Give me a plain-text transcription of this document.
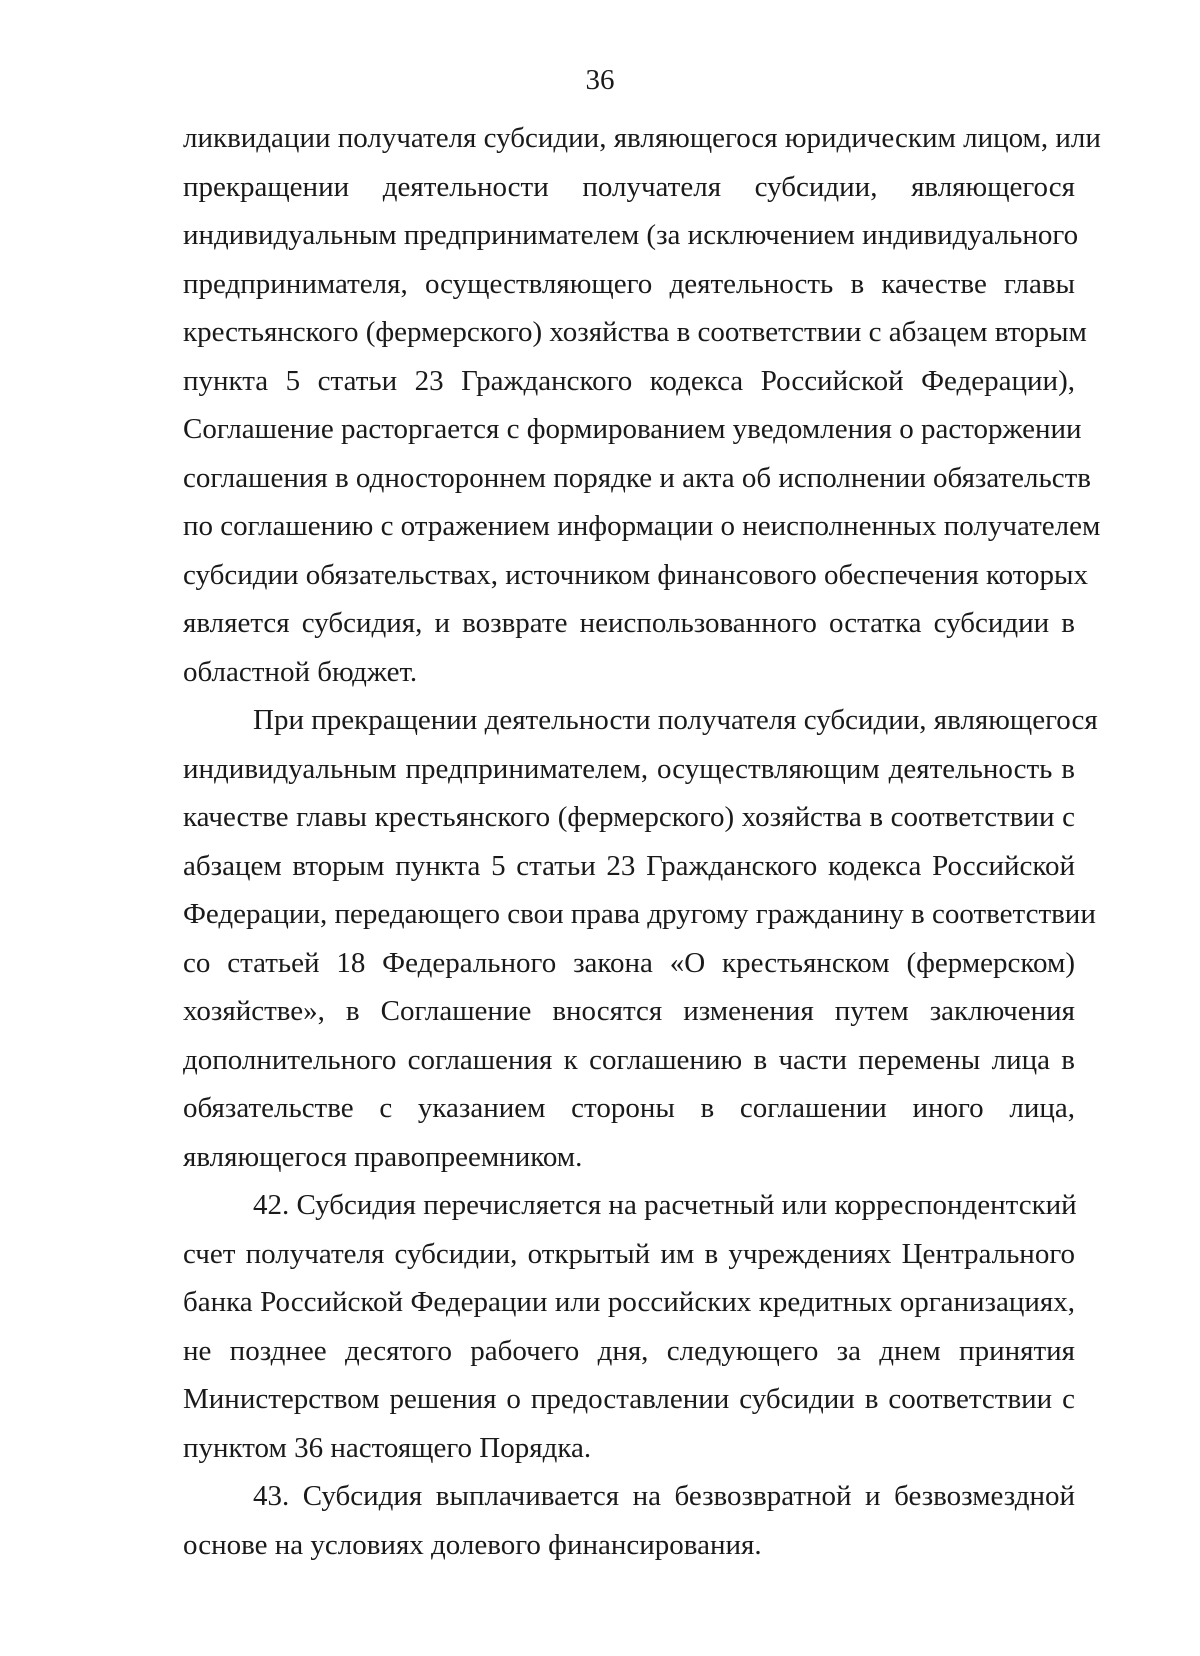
36
ликвидации получателя субсидии, являющегося юридическим лицом, или
прекращении деятельности получателя субсидии, являющегося
индивидуальным предпринимателем (за исключением индивидуального
предпринимателя, осуществляющего деятельность в качестве главы
крестьянского (фермерского) хозяйства в соответствии с абзацем вторым
пункта 5 статьи 23 Гражданского кодекса Российской Федерации),
Соглашение расторгается с формированием уведомления о расторжении
соглашения в одностороннем порядке и акта об исполнении обязательств
по соглашению с отражением информации о неисполненных получателем
субсидии обязательствах, источником финансового обеспечения которых
является субсидия, и возврате неиспользованного остатка субсидии в
областной бюджет.
При прекращении деятельности получателя субсидии, являющегося
индивидуальным предпринимателем, осуществляющим деятельность в
качестве главы крестьянского (фермерского) хозяйства в соответствии с
абзацем вторым пункта 5 статьи 23 Гражданского кодекса Российской
Федерации, передающего свои права другому гражданину в соответствии
со статьей 18 Федерального закона «О крестьянском (фермерском)
хозяйстве», в Соглашение вносятся изменения путем заключения
дополнительного соглашения к соглашению в части перемены лица в
обязательстве с указанием стороны в соглашении иного лица,
являющегося правопреемником.
42. Субсидия перечисляется на расчетный или корреспондентский
счет получателя субсидии, открытый им в учреждениях Центрального
банка Российской Федерации или российских кредитных организациях,
не позднее десятого рабочего дня, следующего за днем принятия
Министерством решения о предоставлении субсидии в соответствии с
пунктом 36 настоящего Порядка.
43. Субсидия выплачивается на безвозвратной и безвозмездной
основе на условиях долевого финансирования.
